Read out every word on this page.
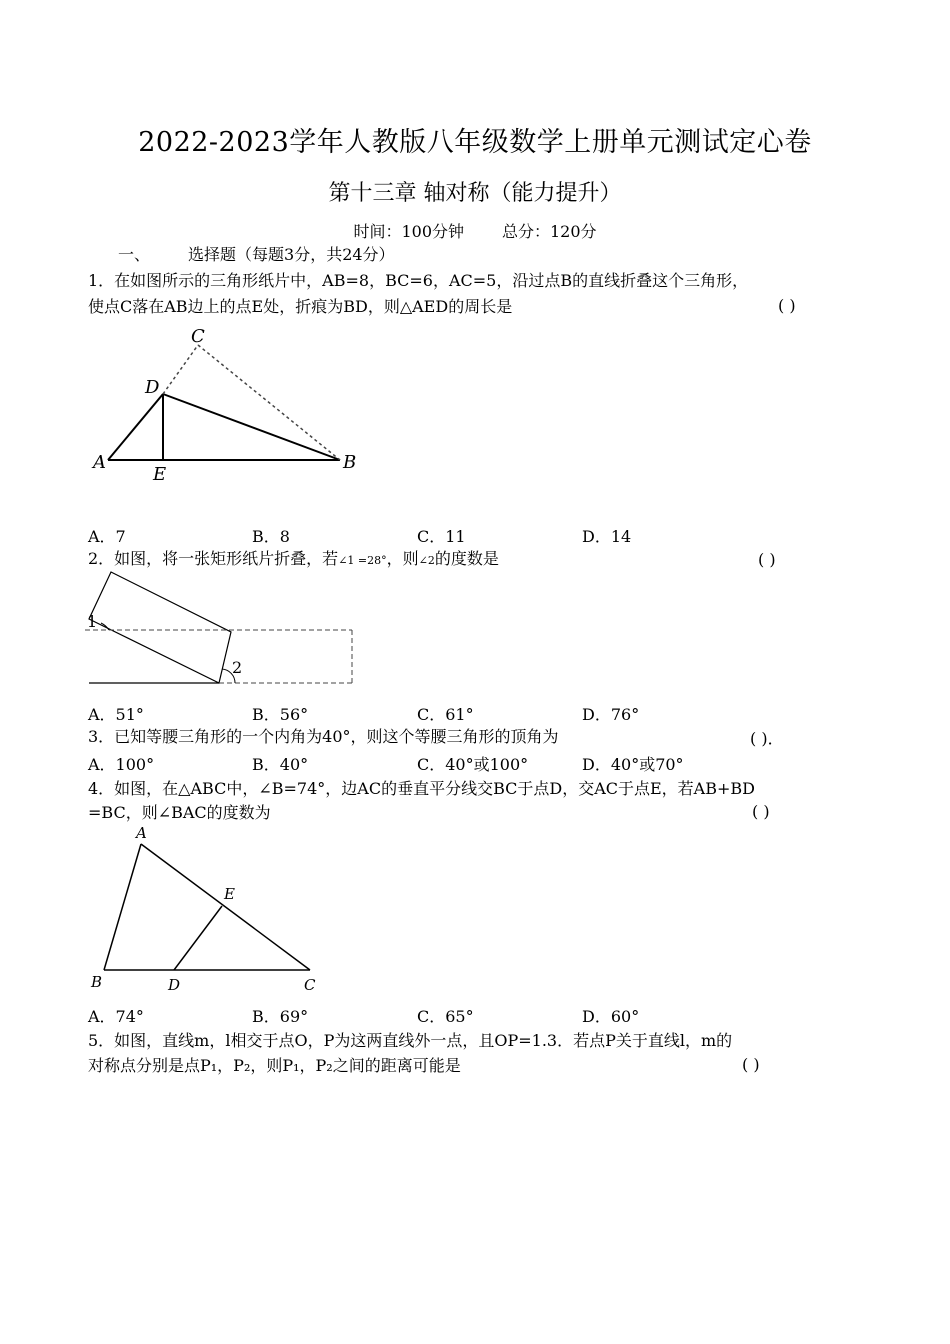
2022-2023学年人教版八年级数学上册单元测试定心卷
第十三章 轴对称（能力提升）
时间：100分钟 总分：120分
一、 选择题（每题3分，共24分）
1．在如图所示的三角形纸片中，AB=8，BC=6，AC=5，沿过点B的直线折叠这个三角形，
使点C落在AB边上的点E处，折痕为BD，则△AED的周长是	( )
A	B
C
D
E
A．7	B．8	C．11	D．14
2．如图，将一张矩形纸片折叠，若∠1 =28°，则∠2的度数是	( )
1
2
A．51°	B．56°	C．61°	D．76°
3．已知等腰三角形的一个内角为40°，则这个等腰三角形的顶角为	( )．
A．100°	B．40°	C．40°或100°	D．40°或70°
4．如图，在△ABC中，∠B=74°，边AC的垂直平分线交BC于点D，交AC于点E，若AB+BD
=BC，则∠BAC的度数为	( )
A
B	C
D
E
A．74°	B．69°	C．65°	D．60°
5．如图，直线m，l相交于点O，P为这两直线外一点，且OP=1.3．若点P关于直线l，m的
对称点分别是点P₁，P₂，则P₁，P₂之间的距离可能是	( )
